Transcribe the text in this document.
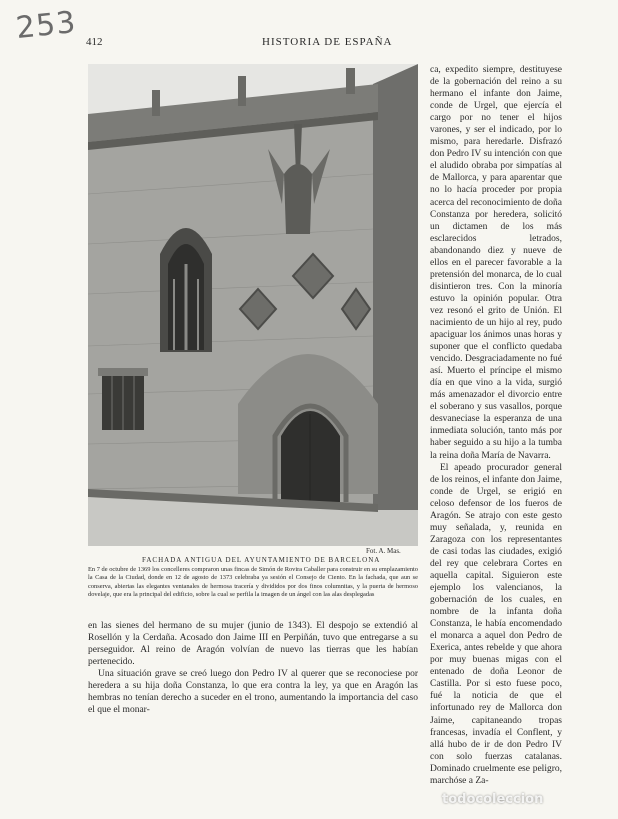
253 412	HISTORIA DE ESPAÑA
Fot. A. Mas.
FACHADA ANTIGUA DEL AYUNTAMIENTO DE BARCELONA

En 7 de octubre de 1369 los concelleres compraron unas fincas de Simón de Rovira Caballer para construir en su emplazamiento la Casa de la Ciudad, donde en 12 de agosto de 1373 celebraba ya sesión el Consejo de Ciento. En la fachada, que aun se conserva, abiertas las elegantes ventanales de hermosa tracería y divididos por dos finos columnitas, y la puerta de hermoso dovelaje, que era la principal del edificio, sobre la cual se perfila la imagen de un ángel con las alas desplegadas

ca, expedito siempre, destituyese de la gobernación del reino a su hermano el infante don Jaime, conde de Urgel, que ejercía el cargo por no tener el hijos varones, y ser el indicado, por lo mismo, para heredarle. Disfrazó don Pedro IV su intención con que el aludido obraba por simpatías al de Mallorca, y para aparentar que no lo hacía proceder por propia acerca del reconocimiento de doña Constanza por heredera, solicitó un dictamen de los más esclarecidos letrados, abandonando diez y nueve de ellos en el parecer favorable a la pretensión del monarca, de lo cual disintieron tres. Con la minoría estuvo la opinión popular. Otra vez resonó el grito de Unión. El nacimiento de un hijo al rey, pudo apaciguar los ánimos unas horas y suponer que el conflicto quedaba vencido. Desgraciadamente no fué así. Muerto el príncipe el mismo día en que vino a la vida, surgió más amenazador el divorcio entre el soberano y sus vasallos, porque desvaneciase la esperanza de una inmediata solución, tanto más por haber seguido a su hijo a la tumba la reina doña María de Navarra.

El apeado procurador general de los reinos, el infante don Jaime, conde de Urgel, se erigió en celoso defensor de los fueros de Aragón. Se atrajo con este gesto muy señalada, y, reunida en Zaragoza con los representantes de casi todas las ciudades, exigió del rey que celebrara Cortes en aquella capital. Siguieron este ejemplo los valencianos, la gobernación de los cuales, en nombre de la infanta doña Constanza, le había encomendado el monarca a aquel don Pedro de Exerica, antes rebelde y que ahora por muy buenas migas con el entenado de doña Leonor de Castilla. Por si esto fuese poco, fué la noticia de que el infortunado rey de Mallorca don Jaime, capitaneando tropas francesas, invadía el Conflent, y allá hubo de ir de don Pedro IV con solo fuerzas catalanas. Dominado cruelmente ese peligro, marchóse a Za-

en las sienes del hermano de su mujer (junio de 1343). El despojo se extendió al Rosellón y la Cerdaña. Acosado don Jaime III en Perpiñán, tuvo que entregarse a su perseguidor. Al reino de Aragón volvían de nuevo las tierras que les habían pertenecido.

Una situación grave se creó luego don Pedro IV al querer que se reconociese por heredera a su hija doña Constanza, lo que era contra la ley, ya que en Aragón las hembras no tenían derecho a suceder en el trono, aumentando la importancia del caso el que el monar-

todocoleccion
